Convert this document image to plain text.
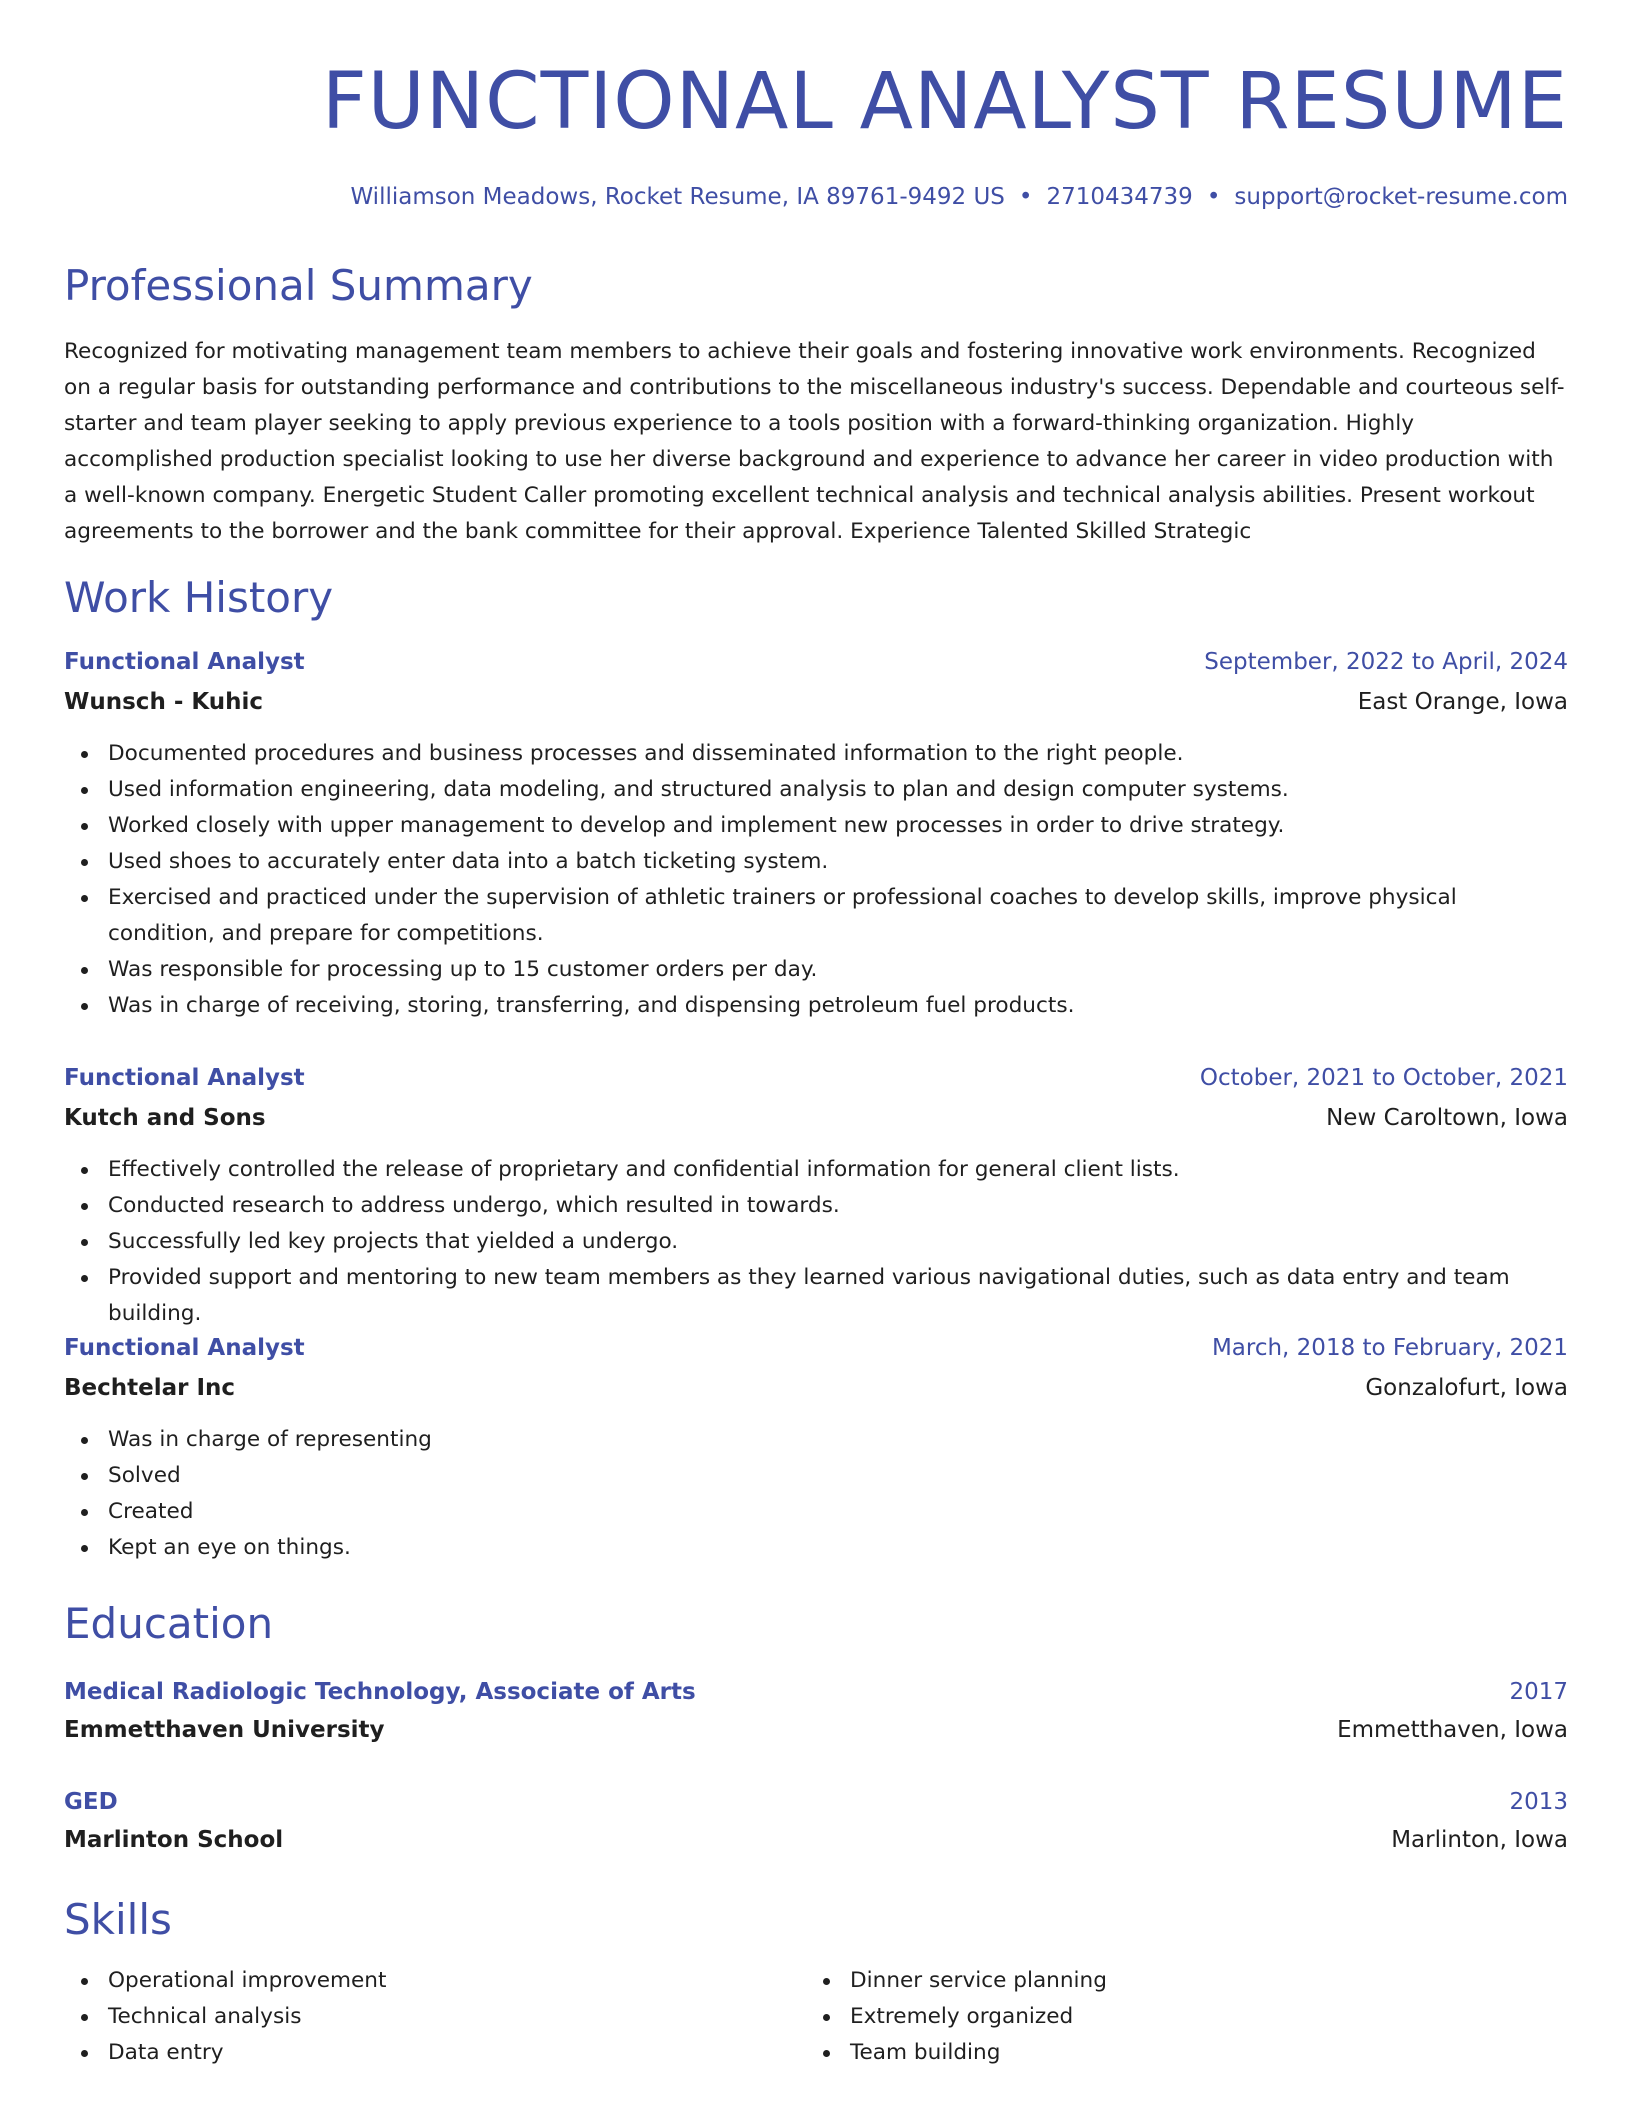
FUNCTIONAL ANALYST RESUME
Williamson Meadows, Rocket Resume, IA 89761-9492 US • 2710434739 • support@rocket-resume.com
Professional Summary

Recognized for motivating management team members to achieve their goals and fostering innovative work environments. Recognized on a regular basis for outstanding performance and contributions to the miscellaneous industry's success. Dependable and courteous self-starter and team player seeking to apply previous experience to a tools position with a forward-thinking organization. Highly accomplished production specialist looking to use her diverse background and experience to advance her career in video production with a well-known company. Energetic Student Caller promoting excellent technical analysis and technical analysis abilities. Present workout agreements to the borrower and the bank committee for their approval. Experience Talented Skilled Strategic

Work History
Functional Analyst	September, 2022 to April, 2024
Wunsch - Kuhic	East Orange, Iowa
Documented procedures and business processes and disseminated information to the right people.
Used information engineering, data modeling, and structured analysis to plan and design computer systems.
Worked closely with upper management to develop and implement new processes in order to drive strategy.
Used shoes to accurately enter data into a batch ticketing system.
Exercised and practiced under the supervision of athletic trainers or professional coaches to develop skills, improve physical condition, and prepare for competitions.
Was responsible for processing up to 15 customer orders per day.
Was in charge of receiving, storing, transferring, and dispensing petroleum fuel products.
Functional Analyst	October, 2021 to October, 2021
Kutch and Sons	New Caroltown, Iowa
Effectively controlled the release of proprietary and confidential information for general client lists.
Conducted research to address undergo, which resulted in towards.
Successfully led key projects that yielded a undergo.
Provided support and mentoring to new team members as they learned various navigational duties, such as data entry and team building.
Functional Analyst	March, 2018 to February, 2021
Bechtelar Inc	Gonzalofurt, Iowa
Was in charge of representing
Solved
Created
Kept an eye on things.
Education
Medical Radiologic Technology, Associate of Arts	2017
Emmetthaven University	Emmetthaven, Iowa
GED	2013
Marlinton School	Marlinton, Iowa
Skills
Operational improvement
Technical analysis
Data entry
Dinner service planning
Extremely organized
Team building
